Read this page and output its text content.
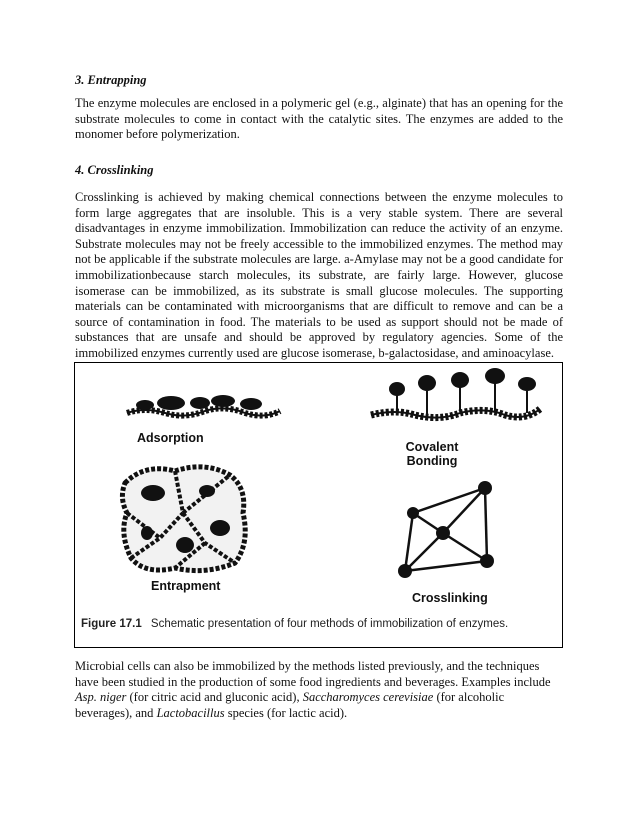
3. Entrapping
The enzyme molecules are enclosed in a polymeric gel (e.g., alginate) that has an opening for the
substrate molecules to come in contact with the catalytic sites. The enzymes are added to the
monomer before polymerization.
4. Crosslinking
Crosslinking is achieved by making chemical connections between the enzyme molecules to
form large aggregates that are insoluble. This is a very stable system. There are several
disadvantages in enzyme immobilization. Immobilization can reduce the activity of an enzyme.
Substrate molecules may not be freely accessible to the immobilized enzymes. The method may
not be applicable if the substrate molecules are large. a-Amylase may not be a good candidate for
immobilizationbecause starch molecules, its substrate, are fairly large. However, glucose
isomerase can be immobilized, as its substrate is small glucose molecules. The supporting
materials can be contaminated with microorganisms that are difficult to remove and can be a
source of contamination in food. The materials to be used as support should not be made of
substances that are unsafe and should be approved by regulatory agencies. Some of the
immobilized enzymes currently used are glucose isomerase, b-galactosidase, and aminoacylase.
Adsorption
Covalent
Bonding
Entrapment
Crosslinking
Figure 17.1 Schematic presentation of four methods of immobilization of enzymes.
Microbial cells can also be immobilized by the methods listed previously, and the techniques
have been studied in the production of some food ingredients and beverages. Examples include
Asp. niger (for citric acid and gluconic acid), Saccharomyces cerevisiae (for alcoholic
beverages), and Lactobacillus species (for lactic acid).
